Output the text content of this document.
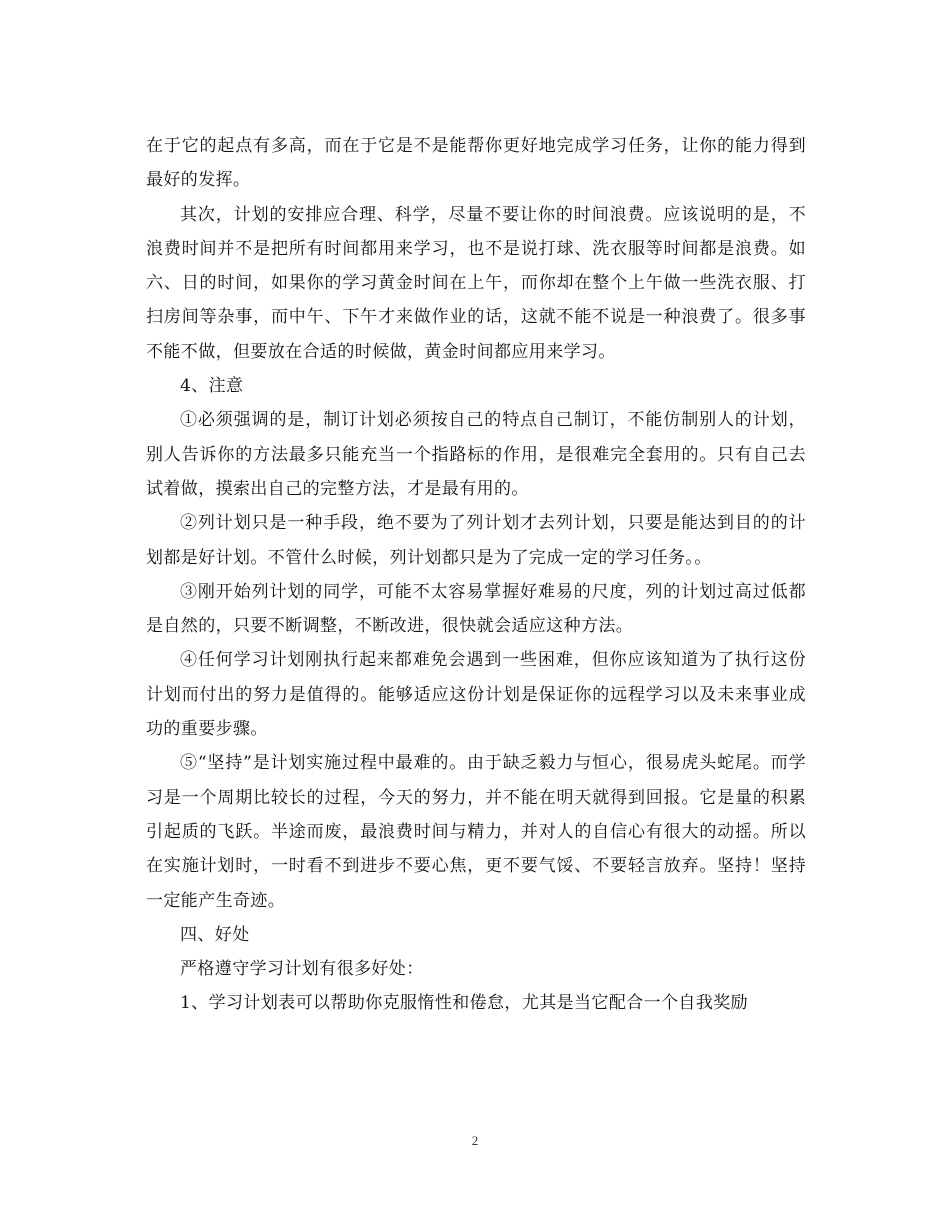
在于它的起点有多高，而在于它是不是能帮你更好地完成学习任务，让你的能力得到最好的发挥。

其次，计划的安排应合理、科学，尽量不要让你的时间浪费。应该说明的是，不浪费时间并不是把所有时间都用来学习，也不是说打球、洗衣服等时间都是浪费。如六、日的时间，如果你的学习黄金时间在上午，而你却在整个上午做一些洗衣服、打扫房间等杂事，而中午、下午才来做作业的话，这就不能不说是一种浪费了。很多事不能不做，但要放在合适的时候做，黄金时间都应用来学习。

4、注意

①必须强调的是，制订计划必须按自己的特点自己制订，不能仿制别人的计划，别人告诉你的方法最多只能充当一个指路标的作用，是很难完全套用的。只有自己去试着做，摸索出自己的完整方法，才是最有用的。

②列计划只是一种手段，绝不要为了列计划才去列计划，只要是能达到目的的计划都是好计划。不管什么时候，列计划都只是为了完成一定的学习任务。。

③刚开始列计划的同学，可能不太容易掌握好难易的尺度，列的计划过高过低都是自然的，只要不断调整，不断改进，很快就会适应这种方法。

④任何学习计划刚执行起来都难免会遇到一些困难，但你应该知道为了执行这份计划而付出的努力是值得的。能够适应这份计划是保证你的远程学习以及未来事业成功的重要步骤。

⑤“坚持”是计划实施过程中最难的。由于缺乏毅力与恒心，很易虎头蛇尾。而学习是一个周期比较长的过程，今天的努力，并不能在明天就得到回报。它是量的积累引起质的飞跃。半途而废，最浪费时间与精力，并对人的自信心有很大的动摇。所以在实施计划时，一时看不到进步不要心焦，更不要气馁、不要轻言放弃。坚持！坚持一定能产生奇迹。

四、好处

严格遵守学习计划有很多好处：

1、学习计划表可以帮助你克服惰性和倦怠，尤其是当它配合一个自我奖励

2
